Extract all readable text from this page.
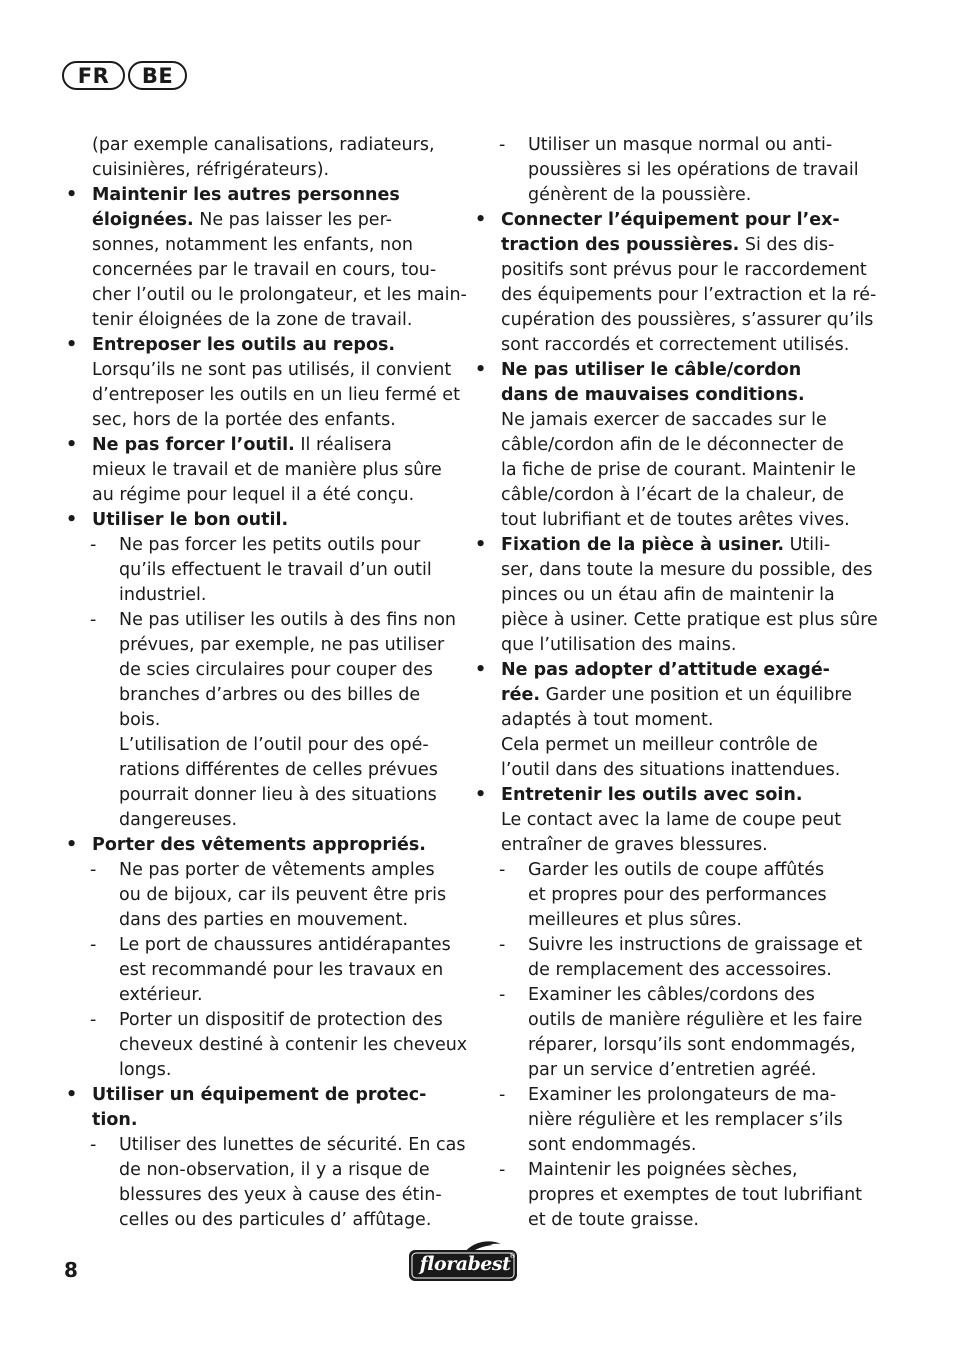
FR	BE
(par exemple canalisations, radiateurs,
cuisinières, réfrigérateurs).
• Maintenir les autres personnes
éloignées. Ne pas laisser les per-
sonnes, notamment les enfants, non
concernées par le travail en cours, tou-
cher l’outil ou le prolongateur, et les main-
tenir éloignées de la zone de travail.
• Entreposer les outils au repos.
Lorsqu’ils ne sont pas utilisés, il convient
d’entreposer les outils en un lieu fermé et
sec, hors de la portée des enfants.
• Ne pas forcer l’outil. Il réalisera
mieux le travail et de manière plus sûre
au régime pour lequel il a été conçu.
• Utiliser le bon outil.
- Ne pas forcer les petits outils pour
qu’ils effectuent le travail d’un outil
industriel.
- Ne pas utiliser les outils à des fins non
prévues, par exemple, ne pas utiliser
de scies circulaires pour couper des
branches d’arbres ou des billes de
bois.
L’utilisation de l’outil pour des opé-
rations différentes de celles prévues
pourrait donner lieu à des situations
dangereuses.
• Porter des vêtements appropriés.
- Ne pas porter de vêtements amples
ou de bijoux, car ils peuvent être pris
dans des parties en mouvement.
- Le port de chaussures antidérapantes
est recommandé pour les travaux en
extérieur.
- Porter un dispositif de protection des
cheveux destiné à contenir les cheveux
longs.
• Utiliser un équipement de protec-
tion.
- Utiliser des lunettes de sécurité. En cas
de non-observation, il y a risque de
blessures des yeux à cause des étin-
celles ou des particules d’ affûtage.
- Utiliser un masque normal ou anti-
poussières si les opérations de travail
génèrent de la poussière.
• Connecter l’équipement pour l’ex-
traction des poussières. Si des dis-
positifs sont prévus pour le raccordement
des équipements pour l’extraction et la ré-
cupération des poussières, s’assurer qu’ils
sont raccordés et correctement utilisés.
• Ne pas utiliser le câble/cordon
dans de mauvaises conditions.
Ne jamais exercer de saccades sur le
câble/cordon afin de le déconnecter de
la fiche de prise de courant. Maintenir le
câble/cordon à l’écart de la chaleur, de
tout lubrifiant et de toutes arêtes vives.
• Fixation de la pièce à usiner. Utili-
ser, dans toute la mesure du possible, des
pinces ou un étau afin de maintenir la
pièce à usiner. Cette pratique est plus sûre
que l’utilisation des mains.
• Ne pas adopter d’attitude exagé-
rée. Garder une position et un équilibre
adaptés à tout moment.
Cela permet un meilleur contrôle de
l’outil dans des situations inattendues.
• Entretenir les outils avec soin.
Le contact avec la lame de coupe peut
entraîner de graves blessures.
- Garder les outils de coupe affûtés
et propres pour des performances
meilleures et plus sûres.
- Suivre les instructions de graissage et
de remplacement des accessoires.
- Examiner les câbles/cordons des
outils de manière régulière et les faire
réparer, lorsqu’ils sont endommagés,
par un service d’entretien agréé.
- Examiner les prolongateurs de ma-
nière régulière et les remplacer s’ils
sont endommagés.
- Maintenir les poignées sèches,
propres et exemptes de tout lubrifiant
et de toute graisse.
8	florabest
®
